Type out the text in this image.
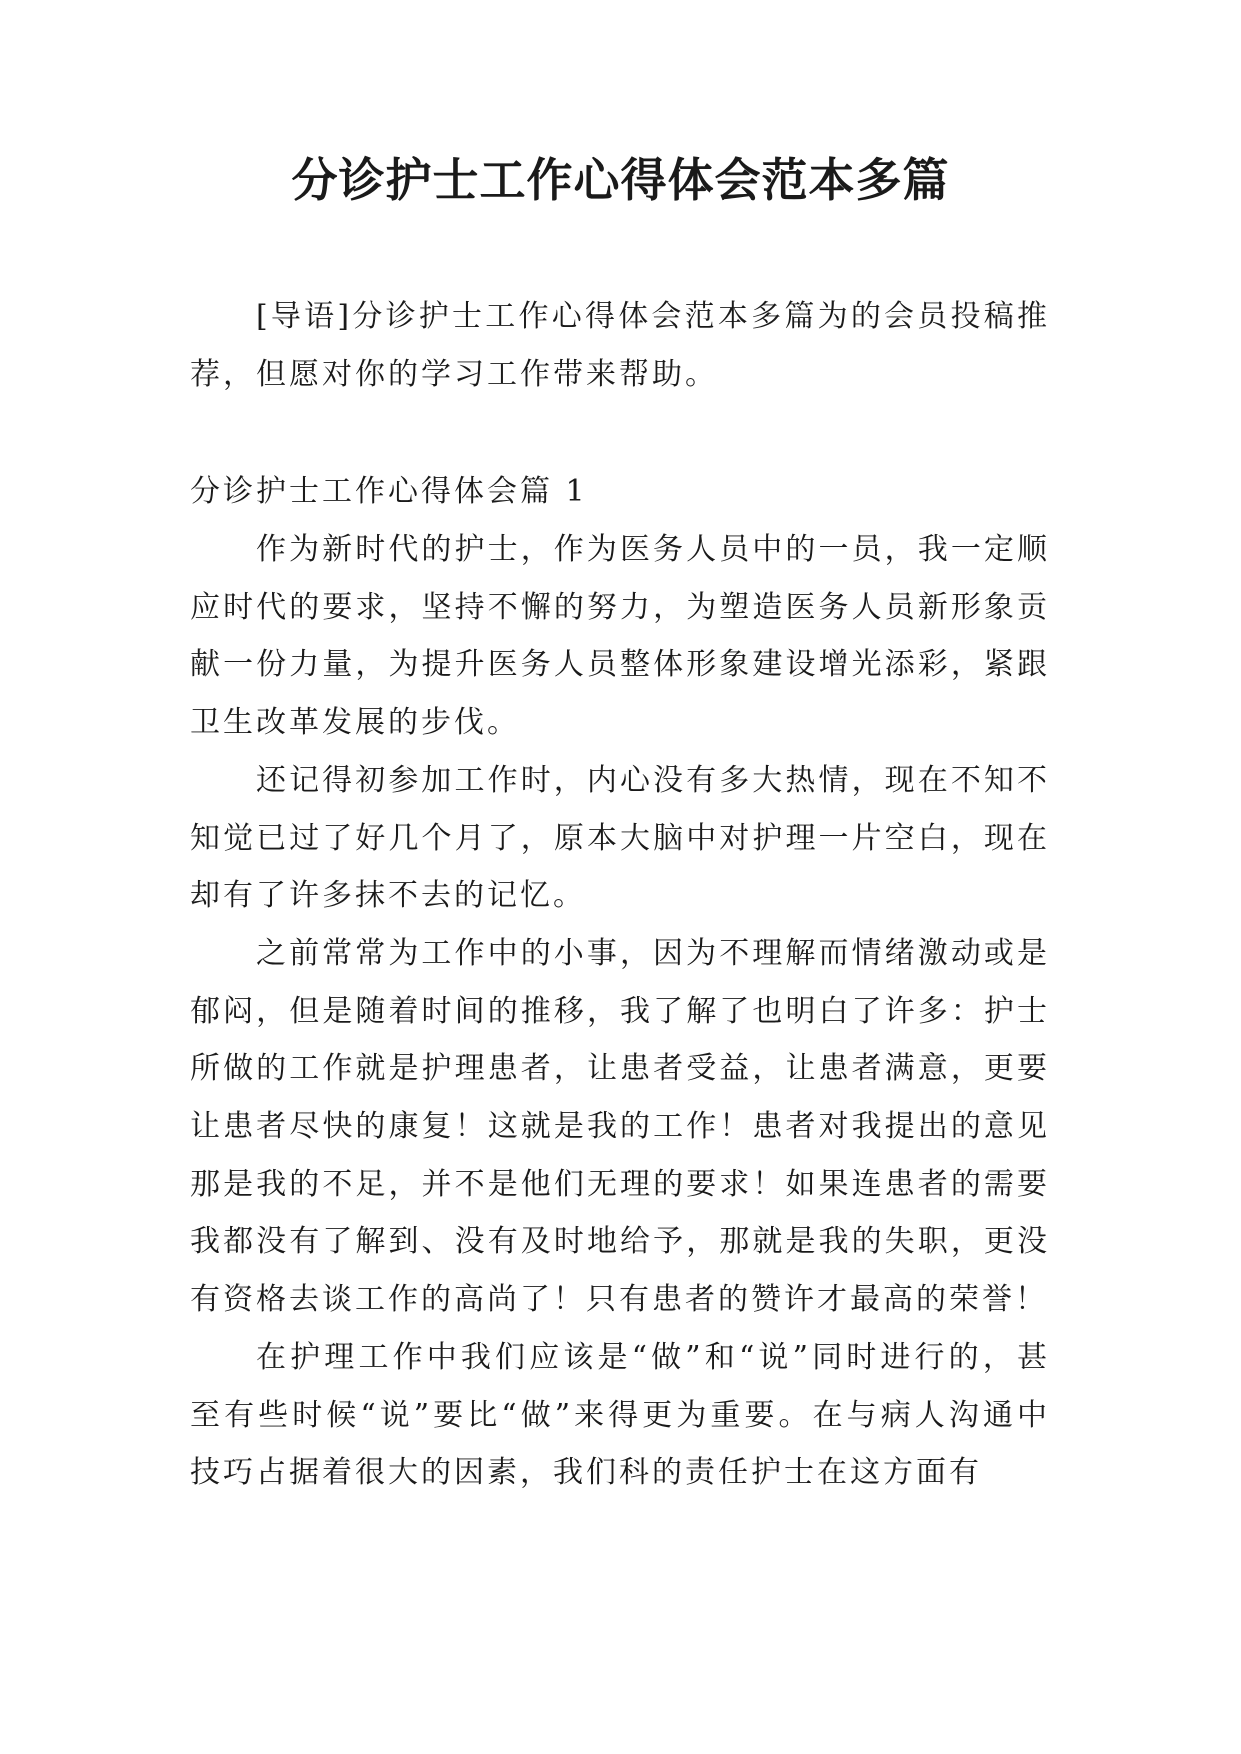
分诊护士工作心得体会范本多篇

[导语]分诊护士工作心得体会范本多篇为的会员投稿推荐，但愿对你的学习工作带来帮助。

分诊护士工作心得体会篇 1

作为新时代的护士，作为医务人员中的一员，我一定顺应时代的要求，坚持不懈的努力，为塑造医务人员新形象贡献一份力量，为提升医务人员整体形象建设增光添彩，紧跟卫生改革发展的步伐。

还记得初参加工作时，内心没有多大热情，现在不知不知觉已过了好几个月了，原本大脑中对护理一片空白，现在却有了许多抹不去的记忆。

之前常常为工作中的小事，因为不理解而情绪激动或是郁闷，但是随着时间的推移，我了解了也明白了许多：护士所做的工作就是护理患者，让患者受益，让患者满意，更要让患者尽快的康复！这就是我的工作！患者对我提出的意见那是我的不足，并不是他们无理的要求！如果连患者的需要我都没有了解到、没有及时地给予，那就是我的失职，更没有资格去谈工作的高尚了！只有患者的赞许才最高的荣誉！

在护理工作中我们应该是“做”和“说”同时进行的，甚至有些时候“说”要比“做”来得更为重要。在与病人沟通中技巧占据着很大的因素，我们科的责任护士在这方面有
